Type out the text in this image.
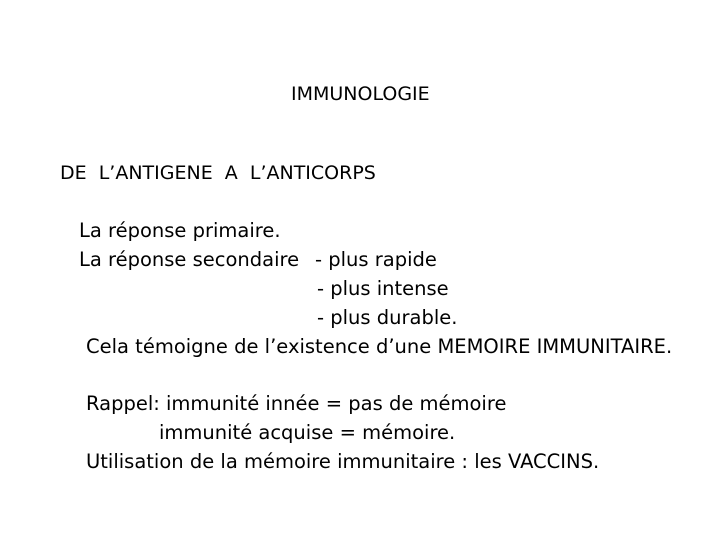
IMMUNOLOGIE
DE  L’ANTIGENE  A  L’ANTICORPS
La réponse primaire.
La réponse secondaire - plus rapide
- plus intense
- plus durable.
Cela témoigne de l’existence d’une MEMOIRE IMMUNITAIRE.
Rappel: immunité innée = pas de mémoire
immunité acquise = mémoire.
Utilisation de la mémoire immunitaire : les VACCINS.
